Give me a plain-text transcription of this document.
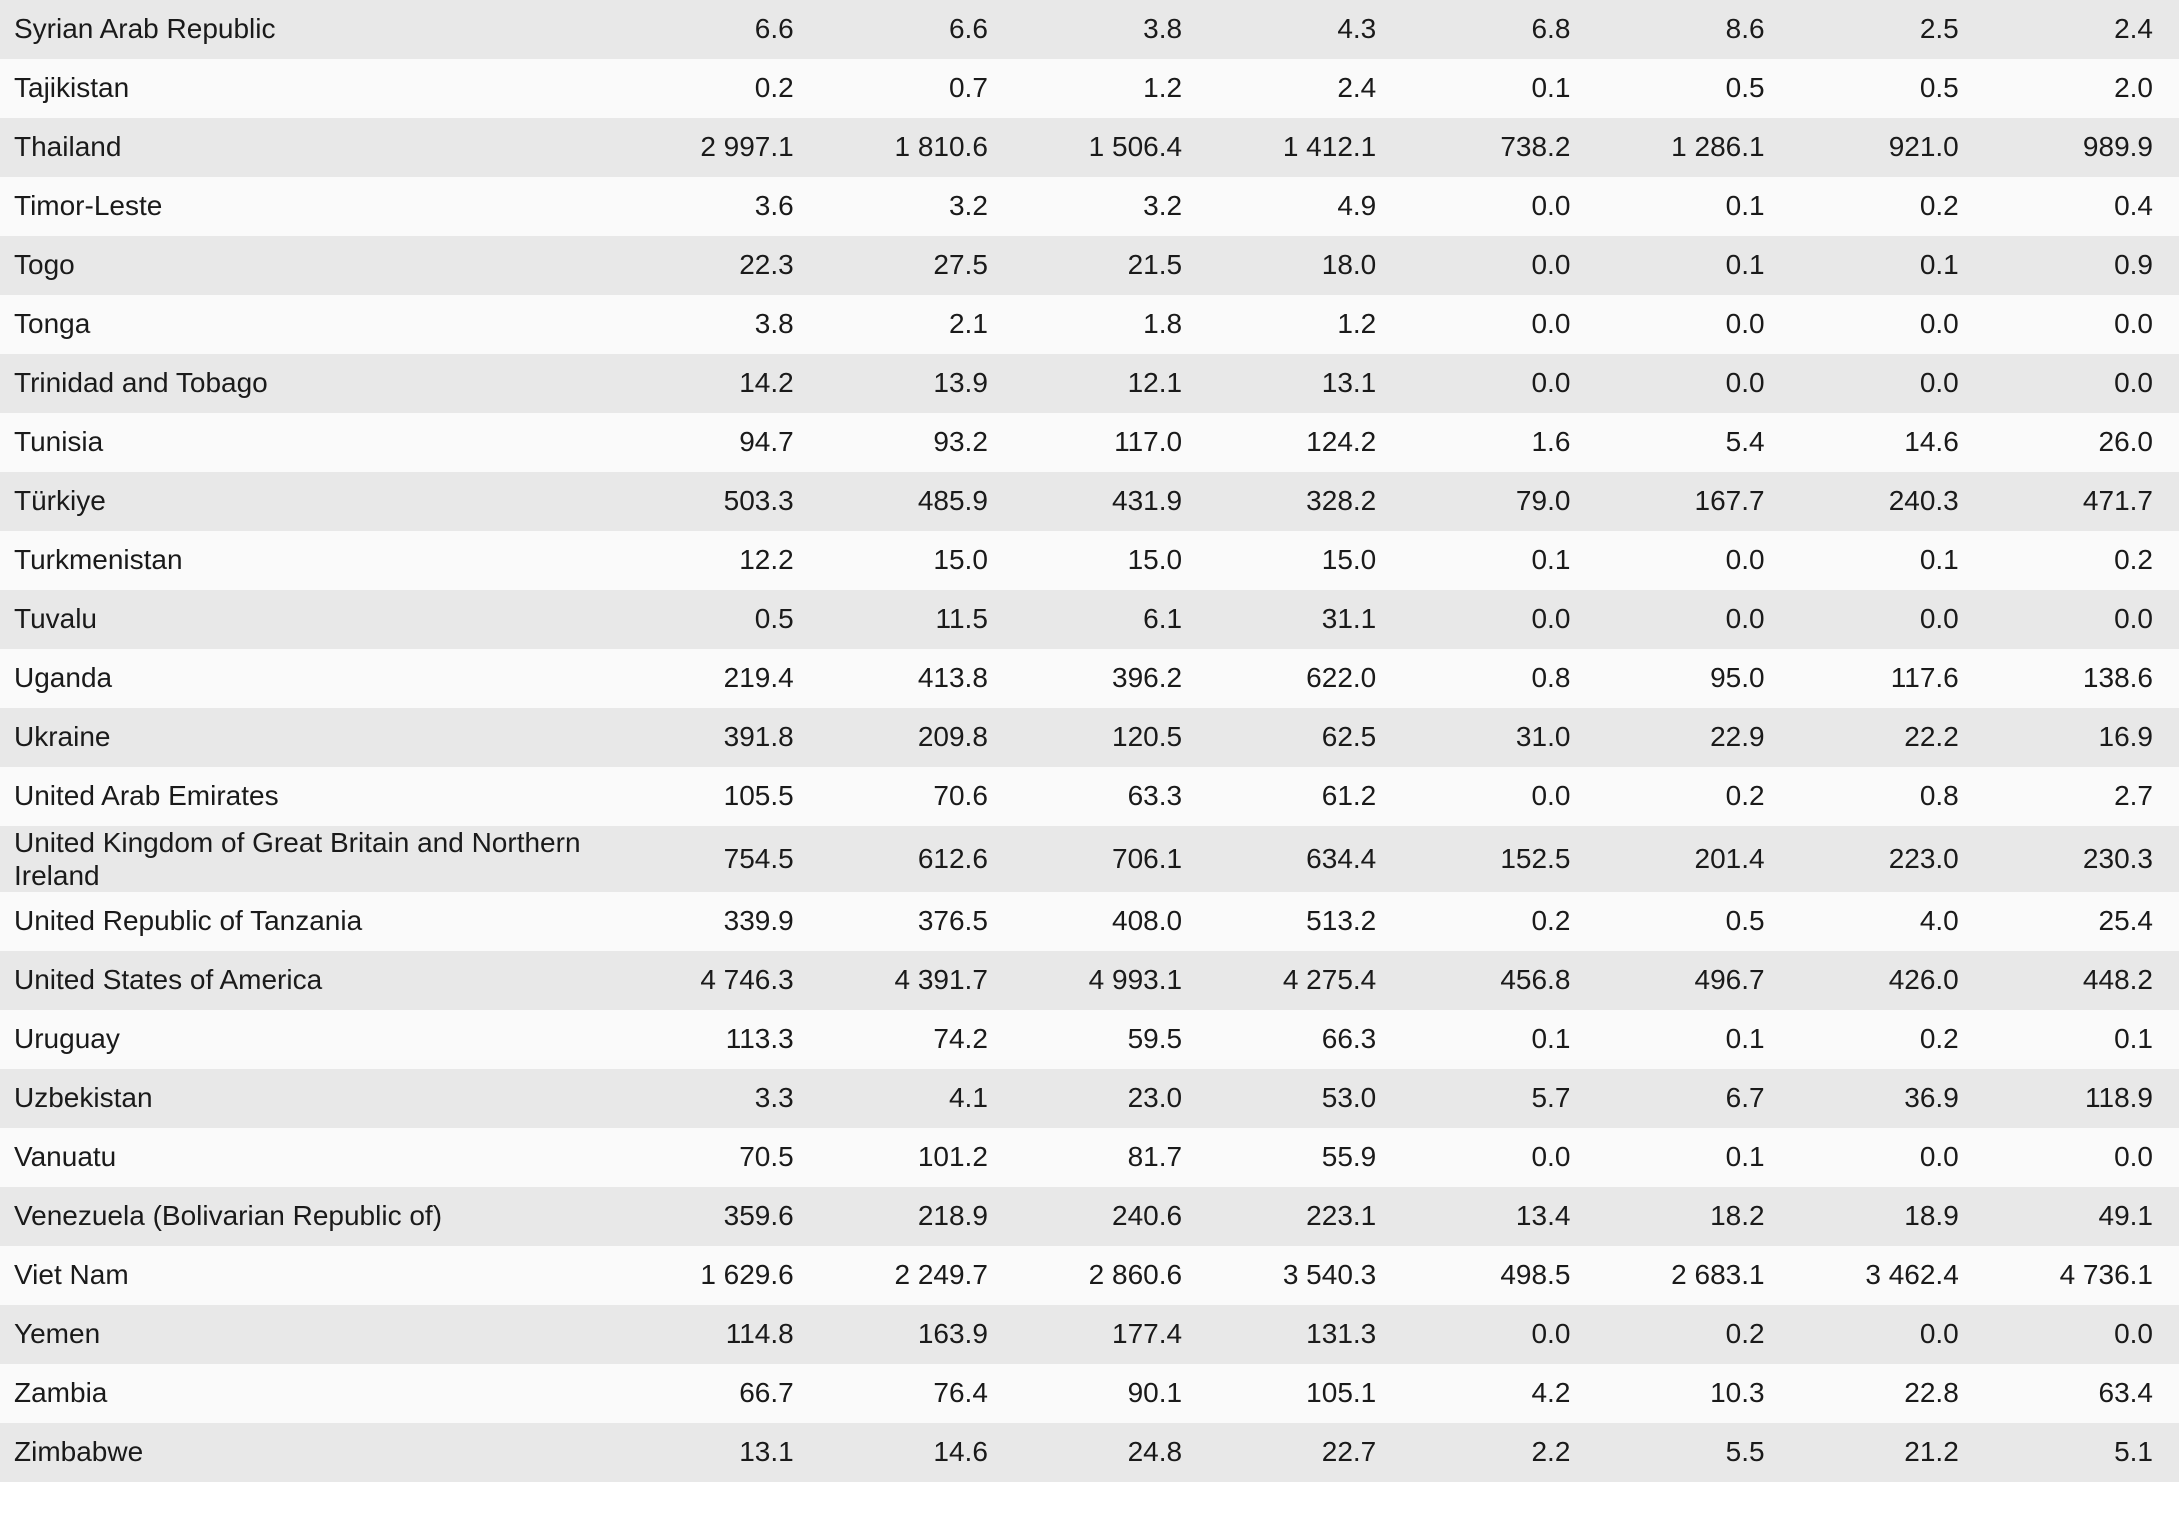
Syrian Arab Republic	6.6	6.6	3.8	4.3	6.8	8.6	2.5	2.4
Tajikistan	0.2	0.7	1.2	2.4	0.1	0.5	0.5	2.0
Thailand	2 997.1	1 810.6	1 506.4	1 412.1	738.2	1 286.1	921.0	989.9
Timor-Leste	3.6	3.2	3.2	4.9	0.0	0.1	0.2	0.4
Togo	22.3	27.5	21.5	18.0	0.0	0.1	0.1	0.9
Tonga	3.8	2.1	1.8	1.2	0.0	0.0	0.0	0.0
Trinidad and Tobago	14.2	13.9	12.1	13.1	0.0	0.0	0.0	0.0
Tunisia	94.7	93.2	117.0	124.2	1.6	5.4	14.6	26.0
Türkiye	503.3	485.9	431.9	328.2	79.0	167.7	240.3	471.7
Turkmenistan	12.2	15.0	15.0	15.0	0.1	0.0	0.1	0.2
Tuvalu	0.5	11.5	6.1	31.1	0.0	0.0	0.0	0.0
Uganda	219.4	413.8	396.2	622.0	0.8	95.0	117.6	138.6
Ukraine	391.8	209.8	120.5	62.5	31.0	22.9	22.2	16.9
United Arab Emirates	105.5	70.6	63.3	61.2	0.0	0.2	0.8	2.7
United Kingdom of Great Britain and Northern Ireland	754.5	612.6	706.1	634.4	152.5	201.4	223.0	230.3
United Republic of Tanzania	339.9	376.5	408.0	513.2	0.2	0.5	4.0	25.4
United States of America	4 746.3	4 391.7	4 993.1	4 275.4	456.8	496.7	426.0	448.2
Uruguay	113.3	74.2	59.5	66.3	0.1	0.1	0.2	0.1
Uzbekistan	3.3	4.1	23.0	53.0	5.7	6.7	36.9	118.9
Vanuatu	70.5	101.2	81.7	55.9	0.0	0.1	0.0	0.0
Venezuela (Bolivarian Republic of)	359.6	218.9	240.6	223.1	13.4	18.2	18.9	49.1
Viet Nam	1 629.6	2 249.7	2 860.6	3 540.3	498.5	2 683.1	3 462.4	4 736.1
Yemen	114.8	163.9	177.4	131.3	0.0	0.2	0.0	0.0
Zambia	66.7	76.4	90.1	105.1	4.2	10.3	22.8	63.4
Zimbabwe	13.1	14.6	24.8	22.7	2.2	5.5	21.2	5.1
